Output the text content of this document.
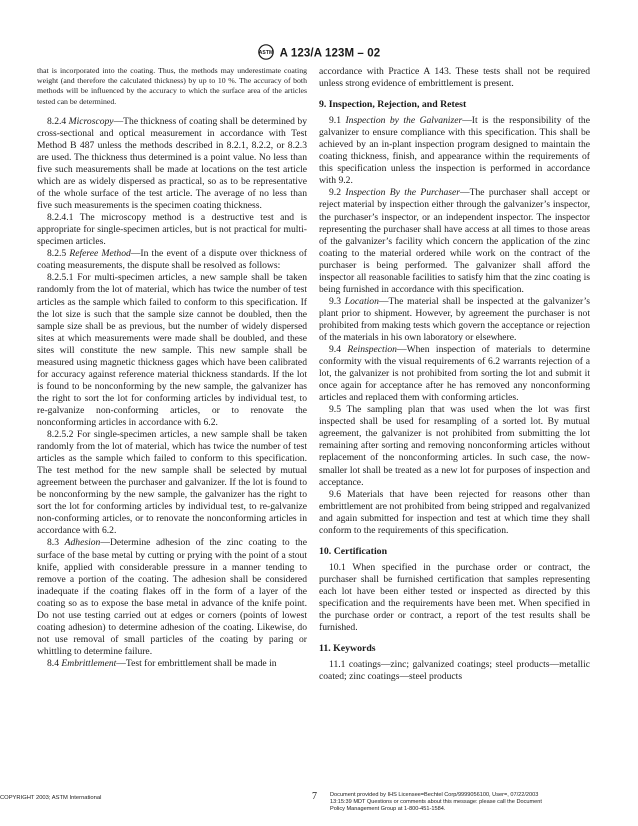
ASTM A 123/A 123M – 02

that is incorporated into the coating. Thus, the methods may underestimate coating weight (and therefore the calculated thickness) by up to 10 %. The accuracy of both methods will be influenced by the accuracy to which the surface area of the articles tested can be determined.

8.2.4 Microscopy—The thickness of coating shall be determined by cross-sectional and optical measurement in accordance with Test Method B 487 unless the methods described in 8.2.1, 8.2.2, or 8.2.3 are used. The thickness thus determined is a point value. No less than five such measurements shall be made at locations on the test article which are as widely dispersed as practical, so as to be representative of the whole surface of the test article. The average of no less than five such measurements is the specimen coating thickness.

8.2.4.1 The microscopy method is a destructive test and is appropriate for single-specimen articles, but is not practical for multi-specimen articles.

8.2.5 Referee Method—In the event of a dispute over thickness of coating measurements, the dispute shall be resolved as follows:

8.2.5.1 For multi-specimen articles, a new sample shall be taken randomly from the lot of material, which has twice the number of test articles as the sample which failed to conform to this specification. If the lot size is such that the sample size cannot be doubled, then the sample size shall be as previous, but the number of widely dispersed sites at which measurements were made shall be doubled, and these sites will constitute the new sample. This new sample shall be measured using magnetic thickness gages which have been calibrated for accuracy against reference material thickness standards. If the lot is found to be nonconforming by the new sample, the galvanizer has the right to sort the lot for conforming articles by individual test, to re-galvanize non-conforming articles, or to renovate the nonconforming articles in accordance with 6.2.

8.2.5.2 For single-specimen articles, a new sample shall be taken randomly from the lot of material, which has twice the number of test articles as the sample which failed to conform to this specification. The test method for the new sample shall be selected by mutual agreement between the purchaser and galvanizer. If the lot is found to be nonconforming by the new sample, the galvanizer has the right to sort the lot for conforming articles by individual test, to re-galvanize non-conforming articles, or to renovate the nonconforming articles in accordance with 6.2.

8.3 Adhesion—Determine adhesion of the zinc coating to the surface of the base metal by cutting or prying with the point of a stout knife, applied with considerable pressure in a manner tending to remove a portion of the coating. The adhesion shall be considered inadequate if the coating flakes off in the form of a layer of the coating so as to expose the base metal in advance of the knife point. Do not use testing carried out at edges or corners (points of lowest coating adhesion) to determine adhesion of the coating. Likewise, do not use removal of small particles of the coating by paring or whittling to determine failure.

8.4 Embrittlement—Test for embrittlement shall be made in

accordance with Practice A 143. These tests shall not be required unless strong evidence of embrittlement is present.

9. Inspection, Rejection, and Retest

9.1 Inspection by the Galvanizer—It is the responsibility of the galvanizer to ensure compliance with this specification. This shall be achieved by an in-plant inspection program designed to maintain the coating thickness, finish, and appearance within the requirements of this specification unless the inspection is performed in accordance with 9.2.

9.2 Inspection By the Purchaser—The purchaser shall accept or reject material by inspection either through the galvanizer’s inspector, the purchaser’s inspector, or an independent inspector. The inspector representing the purchaser shall have access at all times to those areas of the galvanizer’s facility which concern the application of the zinc coating to the material ordered while work on the contract of the purchaser is being performed. The galvanizer shall afford the inspector all reasonable facilities to satisfy him that the zinc coating is being furnished in accordance with this specification.

9.3 Location—The material shall be inspected at the galvanizer’s plant prior to shipment. However, by agreement the purchaser is not prohibited from making tests which govern the acceptance or rejection of the materials in his own laboratory or elsewhere.

9.4 Reinspection—When inspection of materials to determine conformity with the visual requirements of 6.2 warrants rejection of a lot, the galvanizer is not prohibited from sorting the lot and submit it once again for acceptance after he has removed any nonconforming articles and replaced them with conforming articles.

9.5 The sampling plan that was used when the lot was first inspected shall be used for resampling of a sorted lot. By mutual agreement, the galvanizer is not prohibited from submitting the lot remaining after sorting and removing nonconforming articles without replacement of the nonconforming articles. In such case, the now-smaller lot shall be treated as a new lot for purposes of inspection and acceptance.

9.6 Materials that have been rejected for reasons other than embrittlement are not prohibited from being stripped and regalvanized and again submitted for inspection and test at which time they shall conform to the requirements of this specification.

10. Certification

10.1 When specified in the purchase order or contract, the purchaser shall be furnished certification that samples representing each lot have been either tested or inspected as directed by this specification and the requirements have been met. When specified in the purchase order or contract, a report of the test results shall be furnished.

11. Keywords

11.1 coatings—zinc; galvanized coatings; steel products—metallic coated; zinc coatings—steel products

COPYRIGHT 2003; ASTM International	7 Document provided by IHS Licensee=Bechtel Corp/9999056100, User=, 07/22/2003
13:15:39 MDT Questions or comments about this message: please call the Document
Policy Management Group at 1-800-451-1584.
